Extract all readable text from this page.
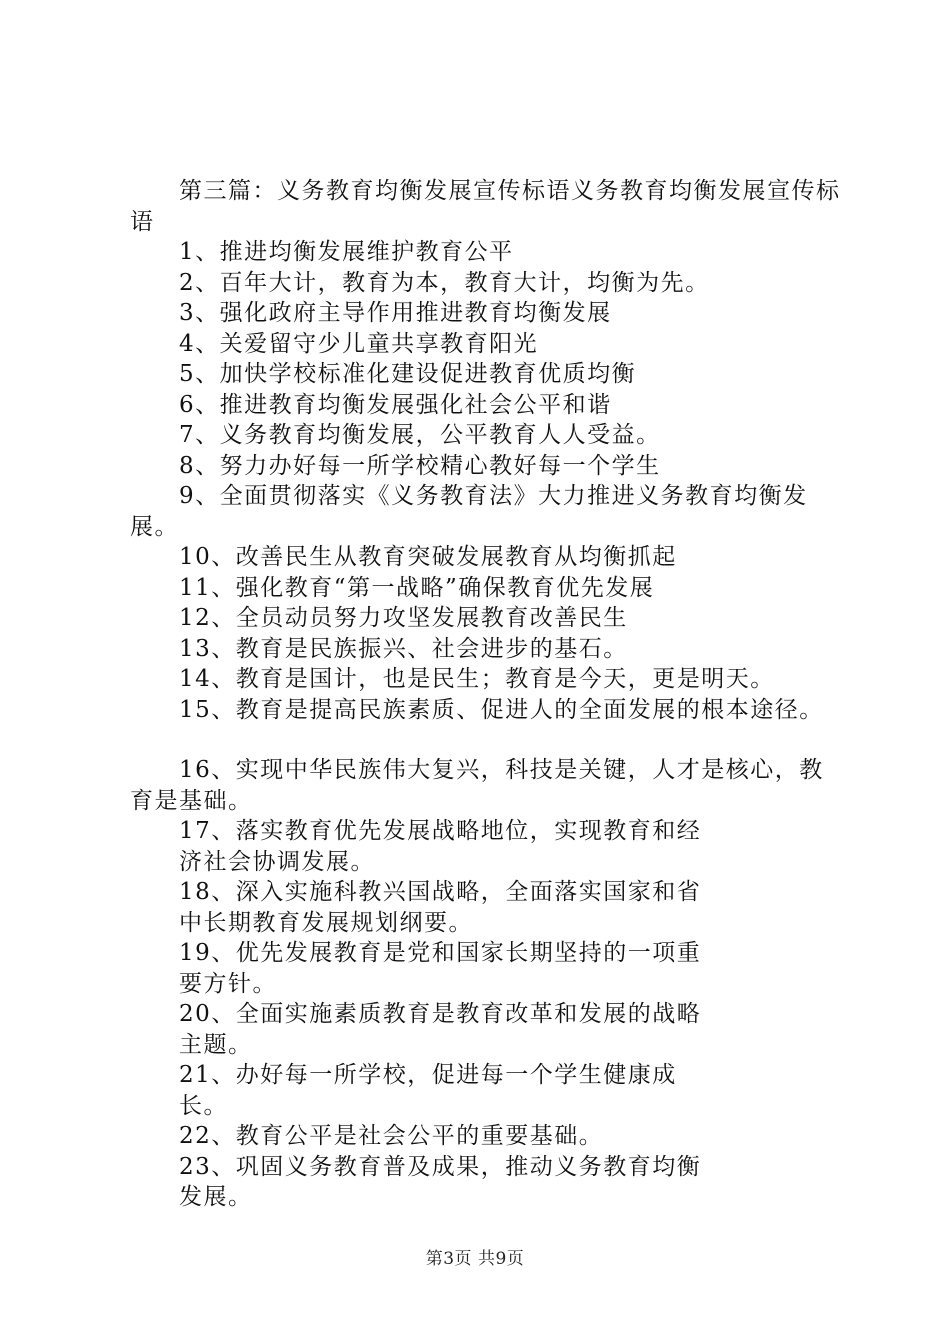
第三篇：义务教育均衡发展宣传标语义务教育均衡发展宣传标语

1、推进均衡发展维护教育公平

2、百年大计，教育为本，教育大计，均衡为先。

3、强化政府主导作用推进教育均衡发展

4、关爱留守少儿童共享教育阳光

5、加快学校标准化建设促进教育优质均衡

6、推进教育均衡发展强化社会公平和谐

7、义务教育均衡发展，公平教育人人受益。

8、努力办好每一所学校精心教好每一个学生

9、全面贯彻落实《义务教育法》大力推进义务教育均衡发展。

10、改善民生从教育突破发展教育从均衡抓起

11、强化教育“第一战略”确保教育优先发展

12、全员动员努力攻坚发展教育改善民生

13、教育是民族振兴、社会进步的基石。

14、教育是国计，也是民生；教育是今天，更是明天。

15、教育是提高民族素质、促进人的全面发展的根本途径。

16、实现中华民族伟大复兴，科技是关键，人才是核心，教育是基础。

17、落实教育优先发展战略地位，实现教育和经济社会协调发展。

18、深入实施科教兴国战略，全面落实国家和省中长期教育发展规划纲要。

19、优先发展教育是党和国家长期坚持的一项重要方针。

20、全面实施素质教育是教育改革和发展的战略主题。

21、办好每一所学校，促进每一个学生健康成长。

22、教育公平是社会公平的重要基础。

23、巩固义务教育普及成果，推动义务教育均衡发展。

第3页 共9页
